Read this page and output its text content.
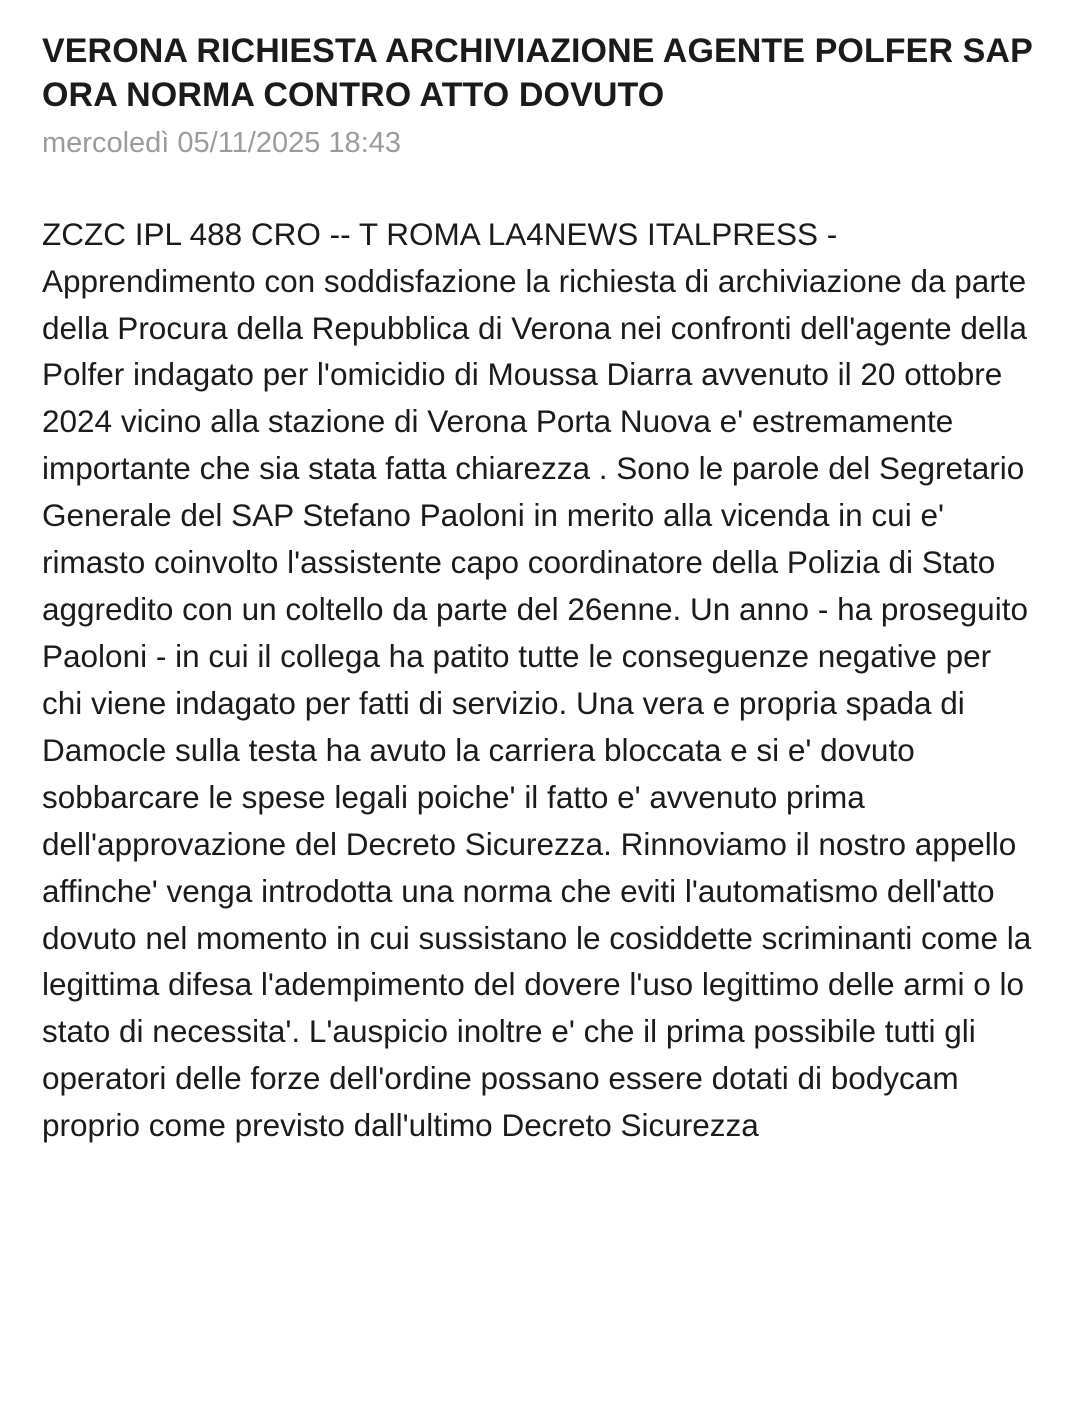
VERONA RICHIESTA ARCHIVIAZIONE AGENTE POLFER SAP ORA NORMA CONTRO ATTO DOVUTO
mercoledì 05/11/2025 18:43

ZCZC IPL 488 CRO -- T ROMA LA4NEWS ITALPRESS - Apprendimento con soddisfazione la richiesta di archiviazione da parte della Procura della Repubblica di Verona nei confronti dell'agente della Polfer indagato per l'omicidio di Moussa Diarra avvenuto il 20 ottobre 2024 vicino alla stazione di Verona Porta Nuova e' estremamente importante che sia stata fatta chiarezza . Sono le parole del Segretario Generale del SAP Stefano Paoloni in merito alla vicenda in cui e' rimasto coinvolto l'assistente capo coordinatore della Polizia di Stato aggredito con un coltello da parte del 26enne. Un anno - ha proseguito Paoloni - in cui il collega ha patito tutte le conseguenze negative per chi viene indagato per fatti di servizio. Una vera e propria spada di Damocle sulla testa ha avuto la carriera bloccata e si e' dovuto sobbarcare le spese legali poiche' il fatto e' avvenuto prima dell'approvazione del Decreto Sicurezza. Rinnoviamo il nostro appello affinche' venga introdotta una norma che eviti l'automatismo dell'atto dovuto nel momento in cui sussistano le cosiddette scriminanti come la legittima difesa l'adempimento del dovere l'uso legittimo delle armi o lo stato di necessita'. L'auspicio inoltre e' che il prima possibile tutti gli operatori delle forze dell'ordine possano essere dotati di bodycam proprio come previsto dall'ultimo Decreto Sicurezza
